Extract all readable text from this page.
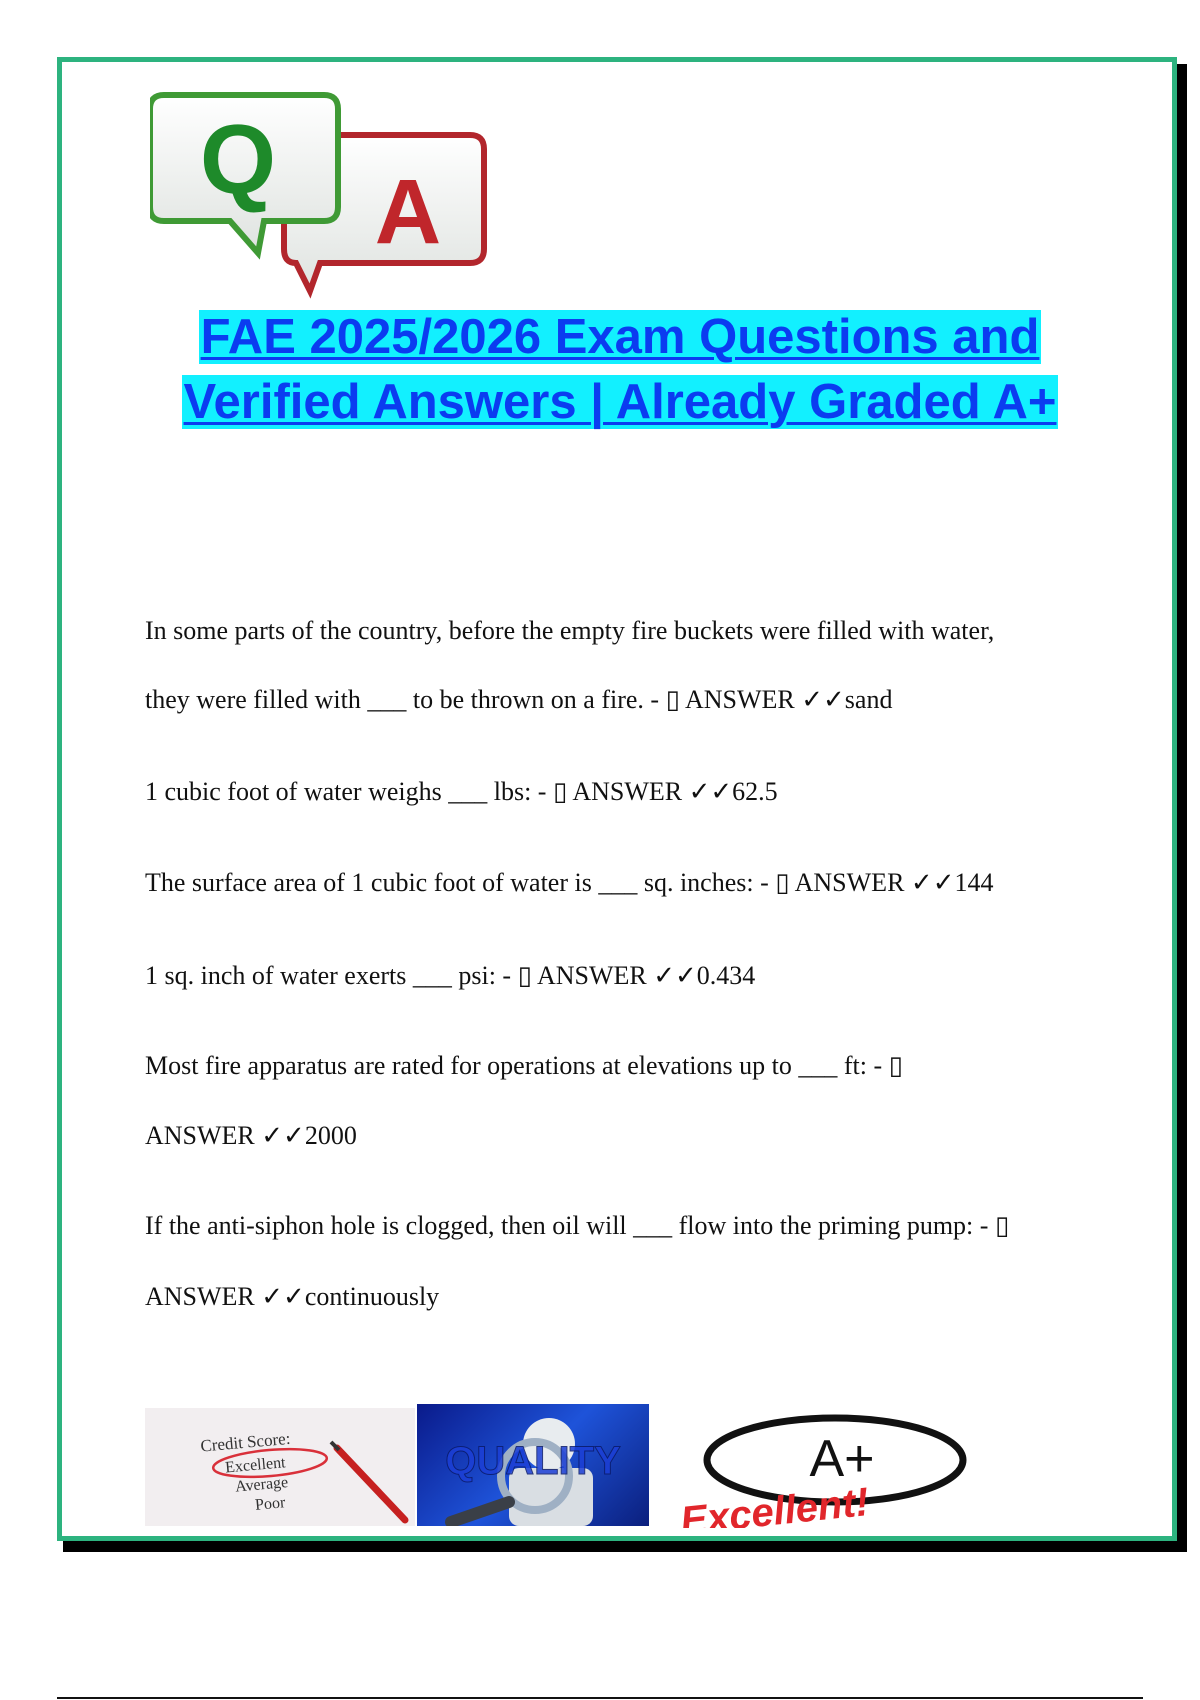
Q A
FAE 2025/2026 Exam Questions and
Verified Answers | Already Graded A+
In some parts of the country, before the empty fire buckets were filled with water,
they were filled with ___ to be thrown on a fire. - ▯ ANSWER ✓✓sand
1 cubic foot of water weighs ___ lbs: - ▯ ANSWER ✓✓62.5
The surface area of 1 cubic foot of water is ___ sq. inches: - ▯ ANSWER ✓✓144
1 sq. inch of water exerts ___ psi: - ▯ ANSWER ✓✓0.434
Most fire apparatus are rated for operations at elevations up to ___ ft: - ▯
ANSWER ✓✓2000
If the anti-siphon hole is clogged, then oil will ___ flow into the priming pump: - ▯
ANSWER ✓✓continuously
Credit Score:
Excellent
Average
Poor
QUALITY	A+
Excellent!
